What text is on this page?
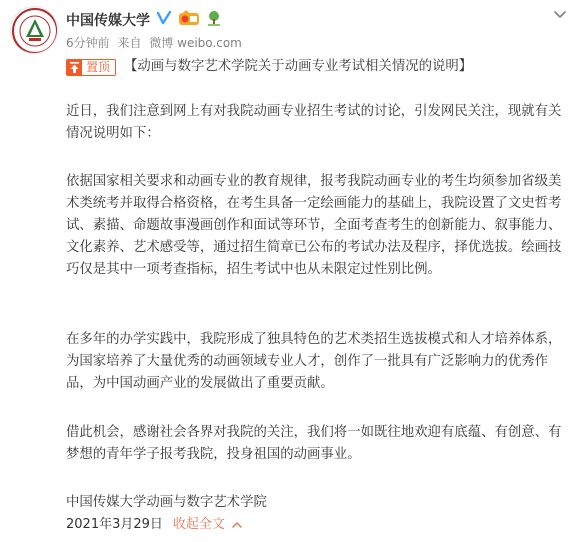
中国传媒大学
6分钟前 来自 微博 weibo.com
置顶 【动画与数字艺术学院关于动画专业考试相关情况的说明】

近日，我们注意到网上有对我院动画专业招生考试的讨论，引发网民关注，现就有关情况说明如下：

依据国家相关要求和动画专业的教育规律，报考我院动画专业的考生均须参加省级美术类统考并取得合格资格，在考生具备一定绘画能力的基础上，我院设置了文史哲考试、素描、命题故事漫画创作和面试等环节，全面考查考生的创新能力、叙事能力、文化素养、艺术感受等，通过招生简章已公布的考试办法及程序，择优选拔。绘画技巧仅是其中一项考查指标，招生考试中也从未限定过性别比例。

在多年的办学实践中，我院形成了独具特色的艺术类招生选拔模式和人才培养体系，为国家培养了大量优秀的动画领域专业人才，创作了一批具有广泛影响力的优秀作品，为中国动画产业的发展做出了重要贡献。

借此机会，感谢社会各界对我院的关注，我们将一如既往地欢迎有底蕴、有创意、有梦想的青年学子报考我院，投身祖国的动画事业。

中国传媒大学动画与数字艺术学院

2021年3月29日 收起全文
